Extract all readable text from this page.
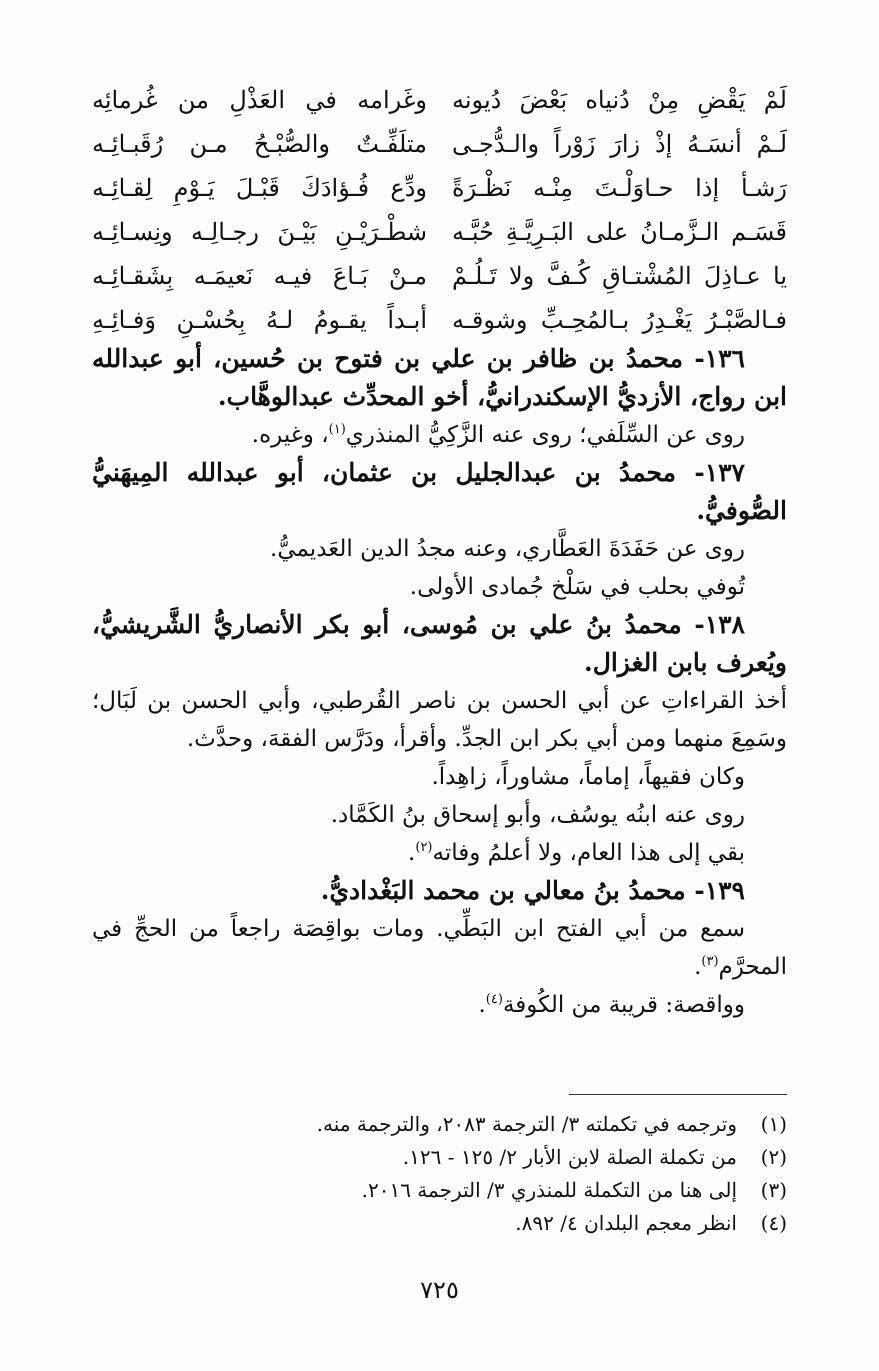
لَمْ يَقْضِ مِنْ دُنياه بَعْضَ دُيونه
وغَرامه في العَذْلِ من غُرمائِه
لَـمْ أنسَـهُ إذْ زارَ زَوْراً والـدُّجـى
متلَفِّـتٌ والصُّبْـحُ مـن رُقَبـائِـه
رَشـأ إذا حـاوَلْـتَ مِنْـه نَظْـرَةً
ودِّع فُـؤادَكَ قَبْـلَ يَـوْمِ لِقـائِـه
قَسَـم الـزَّمـانُ على البَـرِيَّـةِ حُبَّـه
شطْـرَيْـنِ بَيْـنَ رجـالِـه ونِسـائِـه
يا عـاذِلَ المُشْتـاقِ كُـفَّ ولا تَـلُـمْ
مـنْ بَـاعَ فيـه نَعيمَـه بِشَقـائِـه
فـالصَّبْـرُ يَغْـدِرُ بـالمُحِـبِّ وشوقـه
أبـداً يقـومُ لـهُ بِحُسْـنِ وَفـائِـهِ

١٣٦- محمدُ بن ظافر بن علي بن فتوح بن حُسين، أبو عبدالله ابن رواج، الأزديُّ الإسكندرانيُّ، أخو المحدِّث عبدالوهَّاب.

روى عن السِّلَفي؛ روى عنه الزَّكِيُّ المنذري$^{(١)}$، وغيره.

١٣٧- محمدُ بن عبدالجليل بن عثمان، أبو عبدالله المِيهَنيُّ الصُّوفيُّ.

روى عن حَفَدَةَ العَطَّاري، وعنه مجدُ الدين العَديميُّ.

تُوفي بحلب في سَلْخ جُمادى الأولى.

١٣٨- محمدُ بنُ علي بن مُوسى، أبو بكر الأنصاريُّ الشَّريشيُّ، ويُعرف بابن الغزال.

أخذ القراءاتِ عن أبي الحسن بن ناصر القُرطبي، وأبي الحسن بن لَبَال؛ وسَمِعَ منهما ومن أبي بكر ابن الجدِّ. وأقرأ، ودَرَّس الفقهَ، وحدَّث.

وكان فقيهاً، إماماً، مشاوراً، زاهِداً.

روى عنه ابنُه يوسُف، وأبو إسحاق بنُ الكَمَّاد.

بقي إلى هذا العام، ولا أعلمُ وفاته$^{(٢)}$.

١٣٩- محمدُ بنُ معالي بن محمد البَغْداديُّ.

سمع من أبي الفتح ابن البَطِّي. ومات بواقِصَة راجعاً من الحجِّ في المحرَّم$^{(٣)}$.

وواقصة: قريبة من الكُوفة$^{(٤)}$.

(١)
وترجمه في تكملته ٣/ الترجمة ٢٠٨٣، والترجمة منه.
(٢)
من تكملة الصلة لابن الأبار ٢/ ١٢٥ - ١٢٦.
(٣)
إلى هنا من التكملة للمنذري ٣/ الترجمة ٢٠١٦.
(٤)
انظر معجم البلدان ٤/ ٨٩٢.
٧٢٥
